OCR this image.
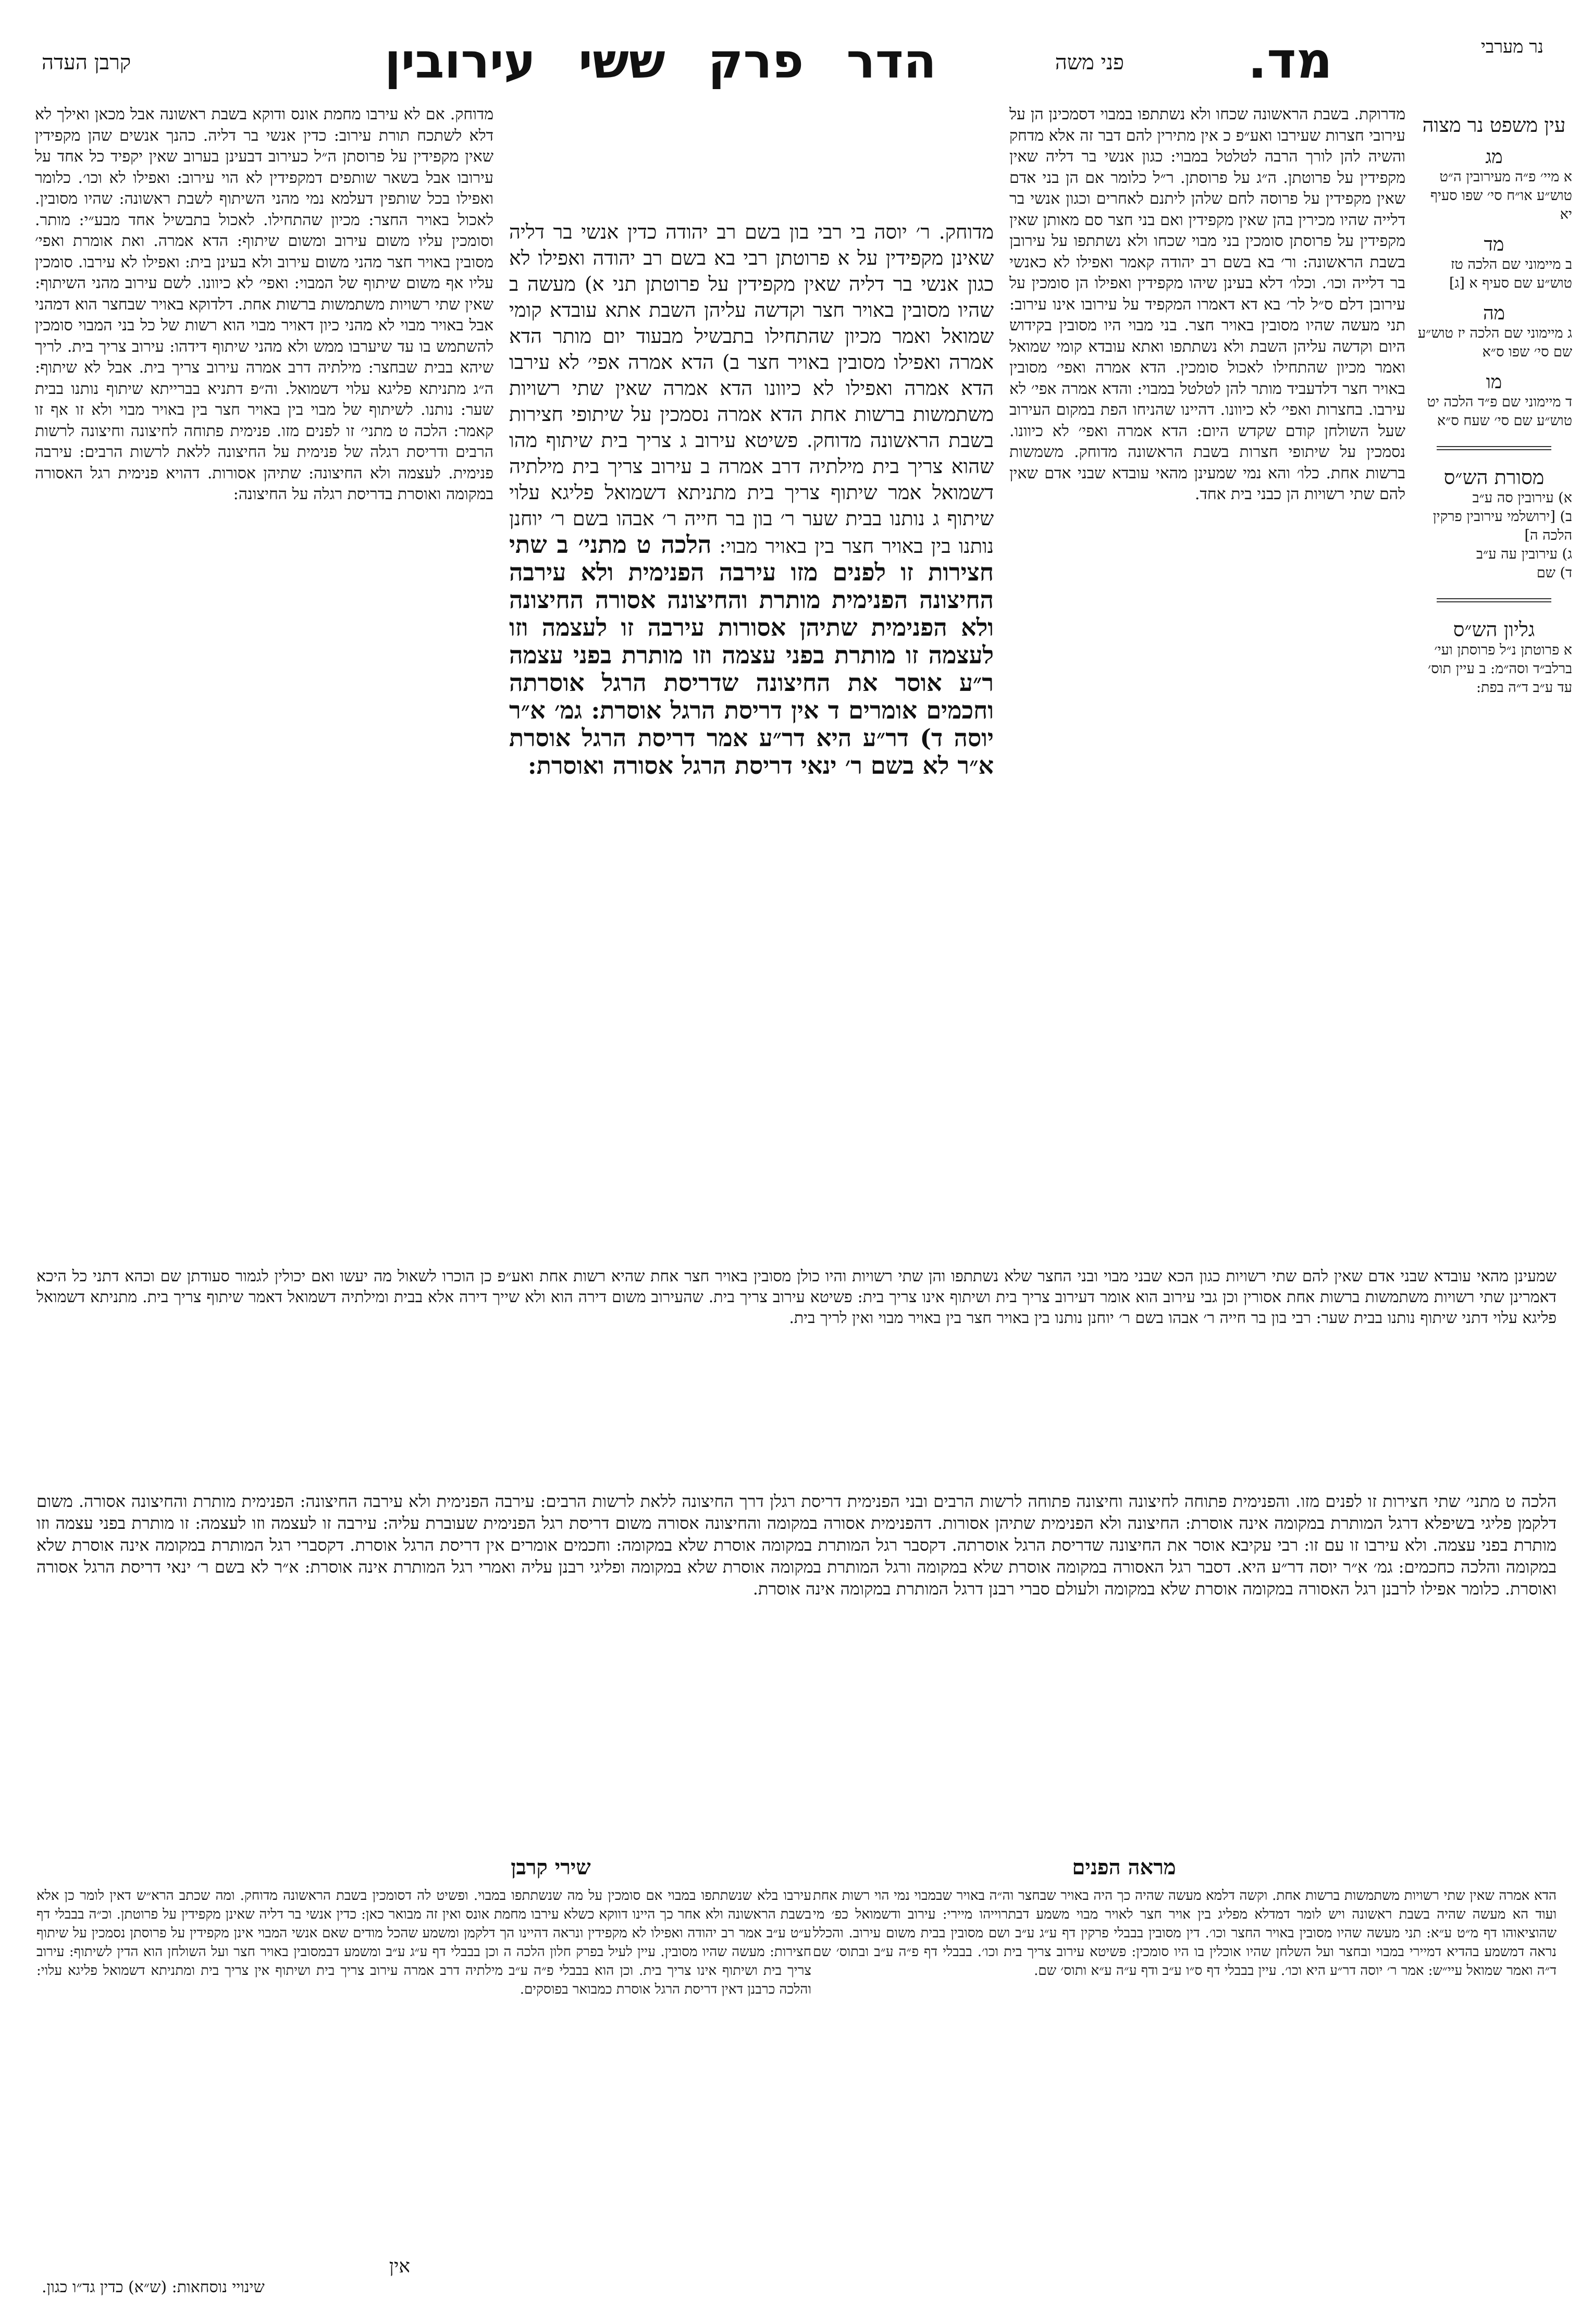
נר מערבי
מד.
פני משה
הדר פרק ששי עירובין
קרבן העדה
עין משפט נר מצוה
מג
א מיי׳ פ״ה מעירובין ה״ט טוש״ע או״ח סי׳ שפו סעיף יא
מד
ב מיימוני שם הלכה טז טוש״ע שם סעיף א [ג]
מה
ג מיימוני שם הלכה יז טוש״ע שם סי׳ שפו ס״א
מו
ד מיימוני שם פ״ד הלכה יט טוש״ע שם סי׳ שעח ס״א
מסורת הש״ס
א) עירובין סה ע״ב
ב) [ירושלמי עירובין פרקין הלכה ה]
ג) עירובין עה ע״ב
ד) שם
גליון הש״ס
א פרוטתן נ״ל פרוסתן ועי׳ ברלב״ד וסה״מ: ב עיין תוס׳ עד ע״ב ד״ה בפת:
מדרוקת. בשבת הראשונה שכחו ולא נשתתפו במבוי דסמכינן הן על עירובי חצרות שעירבו ואע״פ כ אין מתירין להם דבר זה אלא מדחק והשיה להן לורך הרבה לטלטל במבוי: כגון אנשי בר דליה שאין מקפידין על פרוטתן. ה״ג על פרוסתן. ר״ל כלומר אם הן בני אדם שאין מקפידין על פרוסה לחם שלהן ליתנם לאחרים וכגון אנשי בר דלייה שהיו מכירין בהן שאין מקפידין ואם בני חצר סם מאותן שאין מקפידין על פרוסתן סומכין בני מבוי שכחו ולא נשתתפו על עירובן בשבת הראשונה: ור׳ בא בשם רב יהודה קאמר ואפילו לא כאנשי בר דלייה וכו׳. וכלו׳ דלא בעינן שיהו מקפידין ואפילו הן סומכין על עירובן דלם ס״ל לר׳ בא דא דאמרו המקפיד על עירובו אינו עירוב: תני מעשה שהיו מסובין באויר חצר. בני מבוי היו מסובין בקידוש היום וקדשה עליהן השבת ולא נשתתפו ואתא עובדא קומי שמואל ואמר מכיון שהתחילו לאכול סומכין. הדא אמרה ואפי׳ מסובין באויר חצר דלדעביד מותר להן לטלטל במבוי: והדא אמרה אפי׳ לא עירבו. בחצרות ואפי׳ לא כיוונו. דהיינו שהניחו הפת במקום העירוב שעל השולחן קודם שקדש היום: הדא אמרה ואפי׳ לא כיוונו. נסמכין על שיתופי חצרות בשבת הראשונה מדוחק. משמשות ברשות אחת. כלו׳ והא נמי שמעינן מהאי עובדא שבני אדם שאין להם שתי רשויות הן כבני בית אחד.
מדוחק. ר׳ יוסה בי רבי בון בשם רב יהודה כדין אנשי בר דליה שאינן מקפידין על א פרוטתן רבי בא בשם רב יהודה ואפילו לא כגון אנשי בר דליה שאין מקפידין על פרוטתן תני א) מעשה ב שהיו מסובין באויר חצר וקדשה עליהן השבת אתא עובדא קומי שמואל ואמר מכיון שהתחילו בתבשיל מבעוד יום מותר הדא אמרה ואפילו מסובין באויר חצר ב) הדא אמרה אפי׳ לא עירבו הדא אמרה ואפילו לא כיוונו הדא אמרה שאין שתי רשויות משתמשות ברשות אחת הדא אמרה נסמכין על שיתופי חצירות בשבת הראשונה מדוחק. פשיטא עירוב ג צריך בית שיתוף מהו שהוא צריך בית מילתיה דרב אמרה ב עירוב צריך בית מילתיה דשמואל אמר שיתוף צריך בית מתניתא דשמואל פליגא עלוי שיתוף ג נותנו בבית שער ר׳ בון בר חייה ר׳ אבהו בשם ר׳ יוחנן נותנו בין באויר חצר בין באויר מבוי: הלכה ט מתני׳ ב שתי חצירות זו לפנים מזו עירבה הפנימית ולא עירבה החיצונה הפנימית מותרת והחיצונה אסורה החיצונה ולא הפנימית שתיהן אסורות עירבה זו לעצמה וזו לעצמה זו מותרת בפני עצמה וזו מותרת בפני עצמה ר״ע אוסר את החיצונה שדריסת הרגל אוסרתה וחכמים אומרים ד אין דריסת הרגל אוסרת: גמ׳ א״ר יוסה ד) דר״ע היא דר״ע אמר דריסת הרגל אוסרת א״ר לא בשם ר׳ ינאי דריסת הרגל אסורה ואוסרת:
מדוחק. אם לא עירבו מחמת אונס ודוקא בשבת ראשונה אבל מכאן ואילך לא דלא לשתכח תורת עירוב: כדין אנשי בר דליה. כהנך אנשים שהן מקפידין שאין מקפידין על פרוסתן ה״ל כעירוב דבעינן בערוב שאין יקפיד כל אחד על עירובו אבל בשאר שותפים דמקפידין לא הוי עירוב: ואפילו לא וכו׳. כלומר ואפילו בכל שותפין דעלמא נמי מהני השיתוף לשבת ראשונה: שהיו מסובין. לאכול באויר החצר: מכיון שהתחילו. לאכול בתבשיל אחד מבע״י: מותר. וסומכין עליו משום עירוב ומשום שיתוף: הדא אמרה. ואת אומרת ואפי׳ מסובין באויר חצר מהני משום עירוב ולא בעינן בית: ואפילו לא עירבו. סומכין עליו אף משום שיתוף של המבוי: ואפי׳ לא כיוונו. לשם עירוב מהני השיתוף: שאין שתי רשויות משתמשות ברשות אחת. דלדוקא באויר שבחצר הוא דמהני אבל באויר מבוי לא מהני כיון דאויר מבוי הוא רשות של כל בני המבוי סומכין להשתמש בו עד שיערבו ממש ולא מהני שיתוף דידהו: עירוב צריך בית. לריך שיהא בבית שבחצר: מילתיה דרב אמרה עירוב צריך בית. אבל לא שיתוף: ה״ג מתניתא פליגא עלוי דשמואל. וה״פ דתניא בברייתא שיתוף נותנו בבית שער: נותנו. לשיתוף של מבוי בין באויר חצר בין באויר מבוי ולא זו אף זו קאמר: הלכה ט מתני׳ זו לפנים מזו. פנימית פתוחה לחיצונה וחיצונה לרשות הרבים ודריסת רגלה של פנימית על החיצונה ללאת לרשות הרבים: עירבה פנימית. לעצמה ולא החיצונה: שתיהן אסורות. דהויא פנימית רגל האסורה במקומה ואוסרת בדריסת רגלה על החיצונה:
שמעינן מהאי עובדא שבני אדם שאין להם שתי רשויות כגון הכא שבני מבוי ובני החצר שלא נשתתפו והן שתי רשויות והיו כולן מסובין באויר חצר אחת שהיא רשות אחת ואע״פ כן הוכרו לשאול מה יעשו ואם יכולין לגמור סעודתן שם וכהא דתני כל היכא דאמרינן שתי רשויות משתמשות ברשות אחת אסורין וכן גבי עירוב הוא אומר דעירוב צריך בית ושיתוף אינו צריך בית: פשיטא עירוב צריך בית. שהעירוב משום דירה הוא ולא שייך דירה אלא בבית ומילתיה דשמואל דאמר שיתוף צריך בית. מתניתא דשמואל פליגא עלוי דתני שיתוף נותנו בבית שער: רבי בון בר חייה ר׳ אבהו בשם ר׳ יוחנן נותנו בין באויר חצר בין באויר מבוי ואין לריך בית.
הלכה ט מתני׳ שתי חצירות זו לפנים מזו. והפנימית פתוחה לחיצונה וחיצונה פתוחה לרשות הרבים ובני הפנימית דריסת רגלן דרך החיצונה ללאת לרשות הרבים: עירבה הפנימית ולא עירבה החיצונה: הפנימית מותרת והחיצונה אסורה. משום דלקמן פליגי בשיפלא דרגל המותרת במקומה אינה אוסרת: החיצונה ולא הפנימית שתיהן אסורות. דהפנימית אסורה במקומה והחיצונה אסורה משום דריסת רגל הפנימית שעוברת עליה: עירבה זו לעצמה וזו לעצמה: זו מותרת בפני עצמה וזו מותרת בפני עצמה. ולא עירבו זו עם זו: רבי עקיבא אוסר את החיצונה שדריסת הרגל אוסרתה. דקסבר רגל המותרת במקומה אוסרת שלא במקומה: וחכמים אומרים אין דריסת הרגל אוסרת. דקסברי רגל המותרת במקומה אינה אוסרת שלא במקומה והלכה כחכמים: גמ׳ א״ר יוסה דר״ע היא. דסבר רגל האסורה במקומה אוסרת שלא במקומה ורגל המותרת במקומה אוסרת שלא במקומה ופליגי רבנן עליה ואמרי רגל המותרת אינה אוסרת: א״ר לא בשם ר׳ ינאי דריסת הרגל אסורה ואוסרת. כלומר אפילו לרבנן רגל האסורה במקומה אוסרת שלא במקומה ולעולם סברי רבנן דרגל המותרת במקומה אינה אוסרת.
שירי קרבן	מראה הפנים
הדא אמרה שאין שתי רשויות משתמשות ברשות אחת. וקשה דלמא מעשה שהיה כך היה באויר שבחצר וה״ה באויר שבמבוי נמי הוי רשות אחת ועוד הא מעשה שהיה בשבת ראשונה ויש לומר דמדלא מפליג בין אויר חצר לאויר מבוי משמע דבתרוייהו מיירי: עירוב ודשמואל כפ׳ מי שהוציאוהו דף מ״ט ע״א: תני מעשה שהיו מסובין באויר החצר וכו׳. דין מסובין בבבלי פרקין דף ע״ג ע״ב ושם מסובין בבית משום עירוב. והכלל נראה דמשמע בהדיא דמיירי במבוי ובחצר ועל השלחן שהיו אוכלין בו היו סומכין: פשיטא עירוב צריך בית וכו׳. בבבלי דף פ״ה ע״ב ובתוס׳ שם ד״ה ואמר שמואל עיי״ש: אמר ר׳ יוסה דר״ע היא וכו׳. עיין בבבלי דף ס״ו ע״ב ודף ע״ה ע״א ותוס׳ שם.
עירבו בלא שנשתתפו במבוי אם סומכין על מה שנשתתפו במבוי. ופשיט לה דסומכין בשבת הראשונה מדוחק. ומה שכתב הרא״ש דאין לומר כן אלא בשבת הראשונה ולא אחר כך היינו דווקא כשלא עירבו מחמת אונס ואין זה מבואר כאן: כדין אנשי בר דליה שאינן מקפידין על פרוטתן. וכ״ה בבבלי דף ע״ט ע״ב אמר רב יהודה ואפילו לא מקפידין ונראה דהיינו הך דלקמן ומשמע שהכל מודים שאם אנשי המבוי אינן מקפידין על פרוסתן נסמכין על שיתוף חצירות: מעשה שהיו מסובין. עיין לעיל בפרק חלון הלכה ה וכן בבבלי דף ע״ג ע״ב ומשמע דבמסובין באויר חצר ועל השולחן הוא הדין לשיתוף: עירוב צריך בית ושיתוף אינו צריך בית. וכן הוא בבבלי פ״ה ע״ב מילתיה דרב אמרה עירוב צריך בית ושיתוף אין צריך בית ומתניתא דשמואל פליגא עלוי: והלכה כרבנן דאין דריסת הרגל אוסרת כמבואר בפוסקים.
אין
שינויי נוסחאות: (ש״א) כדין גד״ו כגון.
